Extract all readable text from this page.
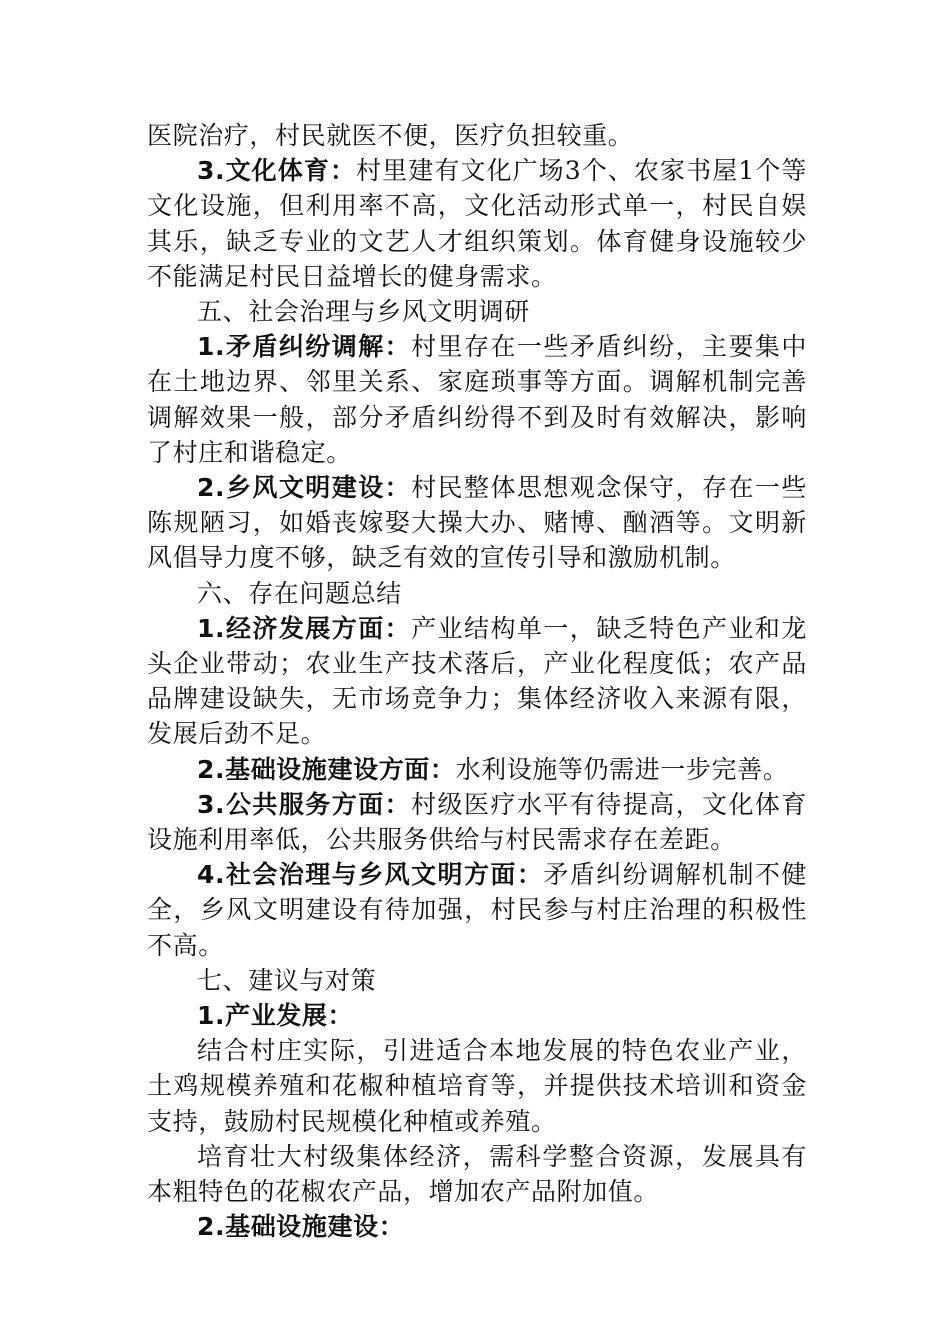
医院治疗，村民就医不便，医疗负担较重。

3.文化体育：村里建有文化广场3个、农家书屋1个等文化设施，但利用率不高，文化活动形式单一，村民自娱其乐，缺乏专业的文艺人才组织策划。体育健身设施较少不能满足村民日益增长的健身需求。

五、社会治理与乡风文明调研

1.矛盾纠纷调解：村里存在一些矛盾纠纷，主要集中在土地边界、邻里关系、家庭琐事等方面。调解机制完善调解效果一般，部分矛盾纠纷得不到及时有效解决，影响了村庄和谐稳定。

2.乡风文明建设：村民整体思想观念保守，存在一些陈规陋习，如婚丧嫁娶大操大办、赌博、酗酒等。文明新风倡导力度不够，缺乏有效的宣传引导和激励机制。

六、存在问题总结

1.经济发展方面：产业结构单一，缺乏特色产业和龙头企业带动；农业生产技术落后，产业化程度低；农产品品牌建设缺失，无市场竞争力；集体经济收入来源有限，发展后劲不足。

2.基础设施建设方面：水利设施等仍需进一步完善。

3.公共服务方面：村级医疗水平有待提高，文化体育设施利用率低，公共服务供给与村民需求存在差距。

4.社会治理与乡风文明方面：矛盾纠纷调解机制不健全，乡风文明建设有待加强，村民参与村庄治理的积极性不高。

七、建议与对策

1.产业发展：

结合村庄实际，引进适合本地发展的特色农业产业，土鸡规模养殖和花椒种植培育等，并提供技术培训和资金支持，鼓励村民规模化种植或养殖。

培育壮大村级集体经济，需科学整合资源，发展具有本粗特色的花椒农产品，增加农产品附加值。

2.基础设施建设：
